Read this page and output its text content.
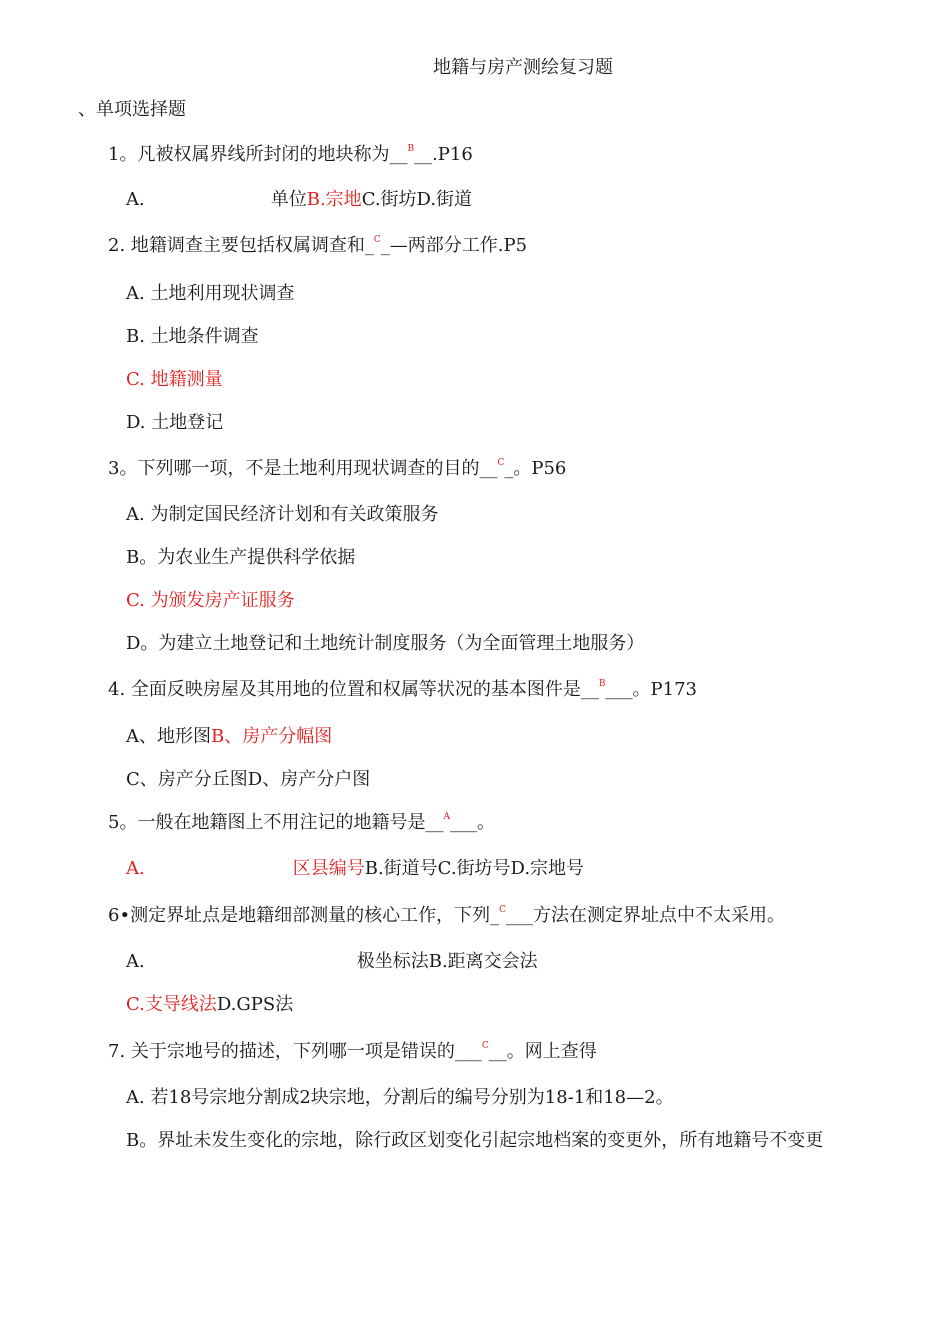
地籍与房产测绘复习题
、单项选择题
1。凡被权属界线所封闭的地块称为__$^B$__.P16
A.	单位B.宗地C.街坊D.街道
2. 地籍调查主要包括权属调查和_$^C$_—两部分工作.P5
A. 土地利用现状调查
B. 土地条件调查
C. 地籍测量
D. 土地登记
3。下列哪一项，不是土地利用现状调查的目的__$^C$_。P56
A. 为制定国民经济计划和有关政策服务
B。为农业生产提供科学依据
C. 为颁发房产证服务
D。为建立土地登记和土地统计制度服务（为全面管理土地服务）
4. 全面反映房屋及其用地的位置和权属等状况的基本图件是__$^B$___。P173
A、地形图B、房产分幅图
C、房产分丘图D、房产分户图
5。一般在地籍图上不用注记的地籍号是__$^A$___。
A.	区县编号B.街道号C.街坊号D.宗地号
6•测定界址点是地籍细部测量的核心工作，下列_$^C$___方法在测定界址点中不太采用。
A.	极坐标法B.距离交会法
C.支导线法D.GPS法
7. 关于宗地号的描述，下列哪一项是错误的___$^C$__。网上查得
A. 若18号宗地分割成2块宗地，分割后的编号分别为18-1和18—2。
B。界址未发生变化的宗地，除行政区划变化引起宗地档案的变更外，所有地籍号不变更
